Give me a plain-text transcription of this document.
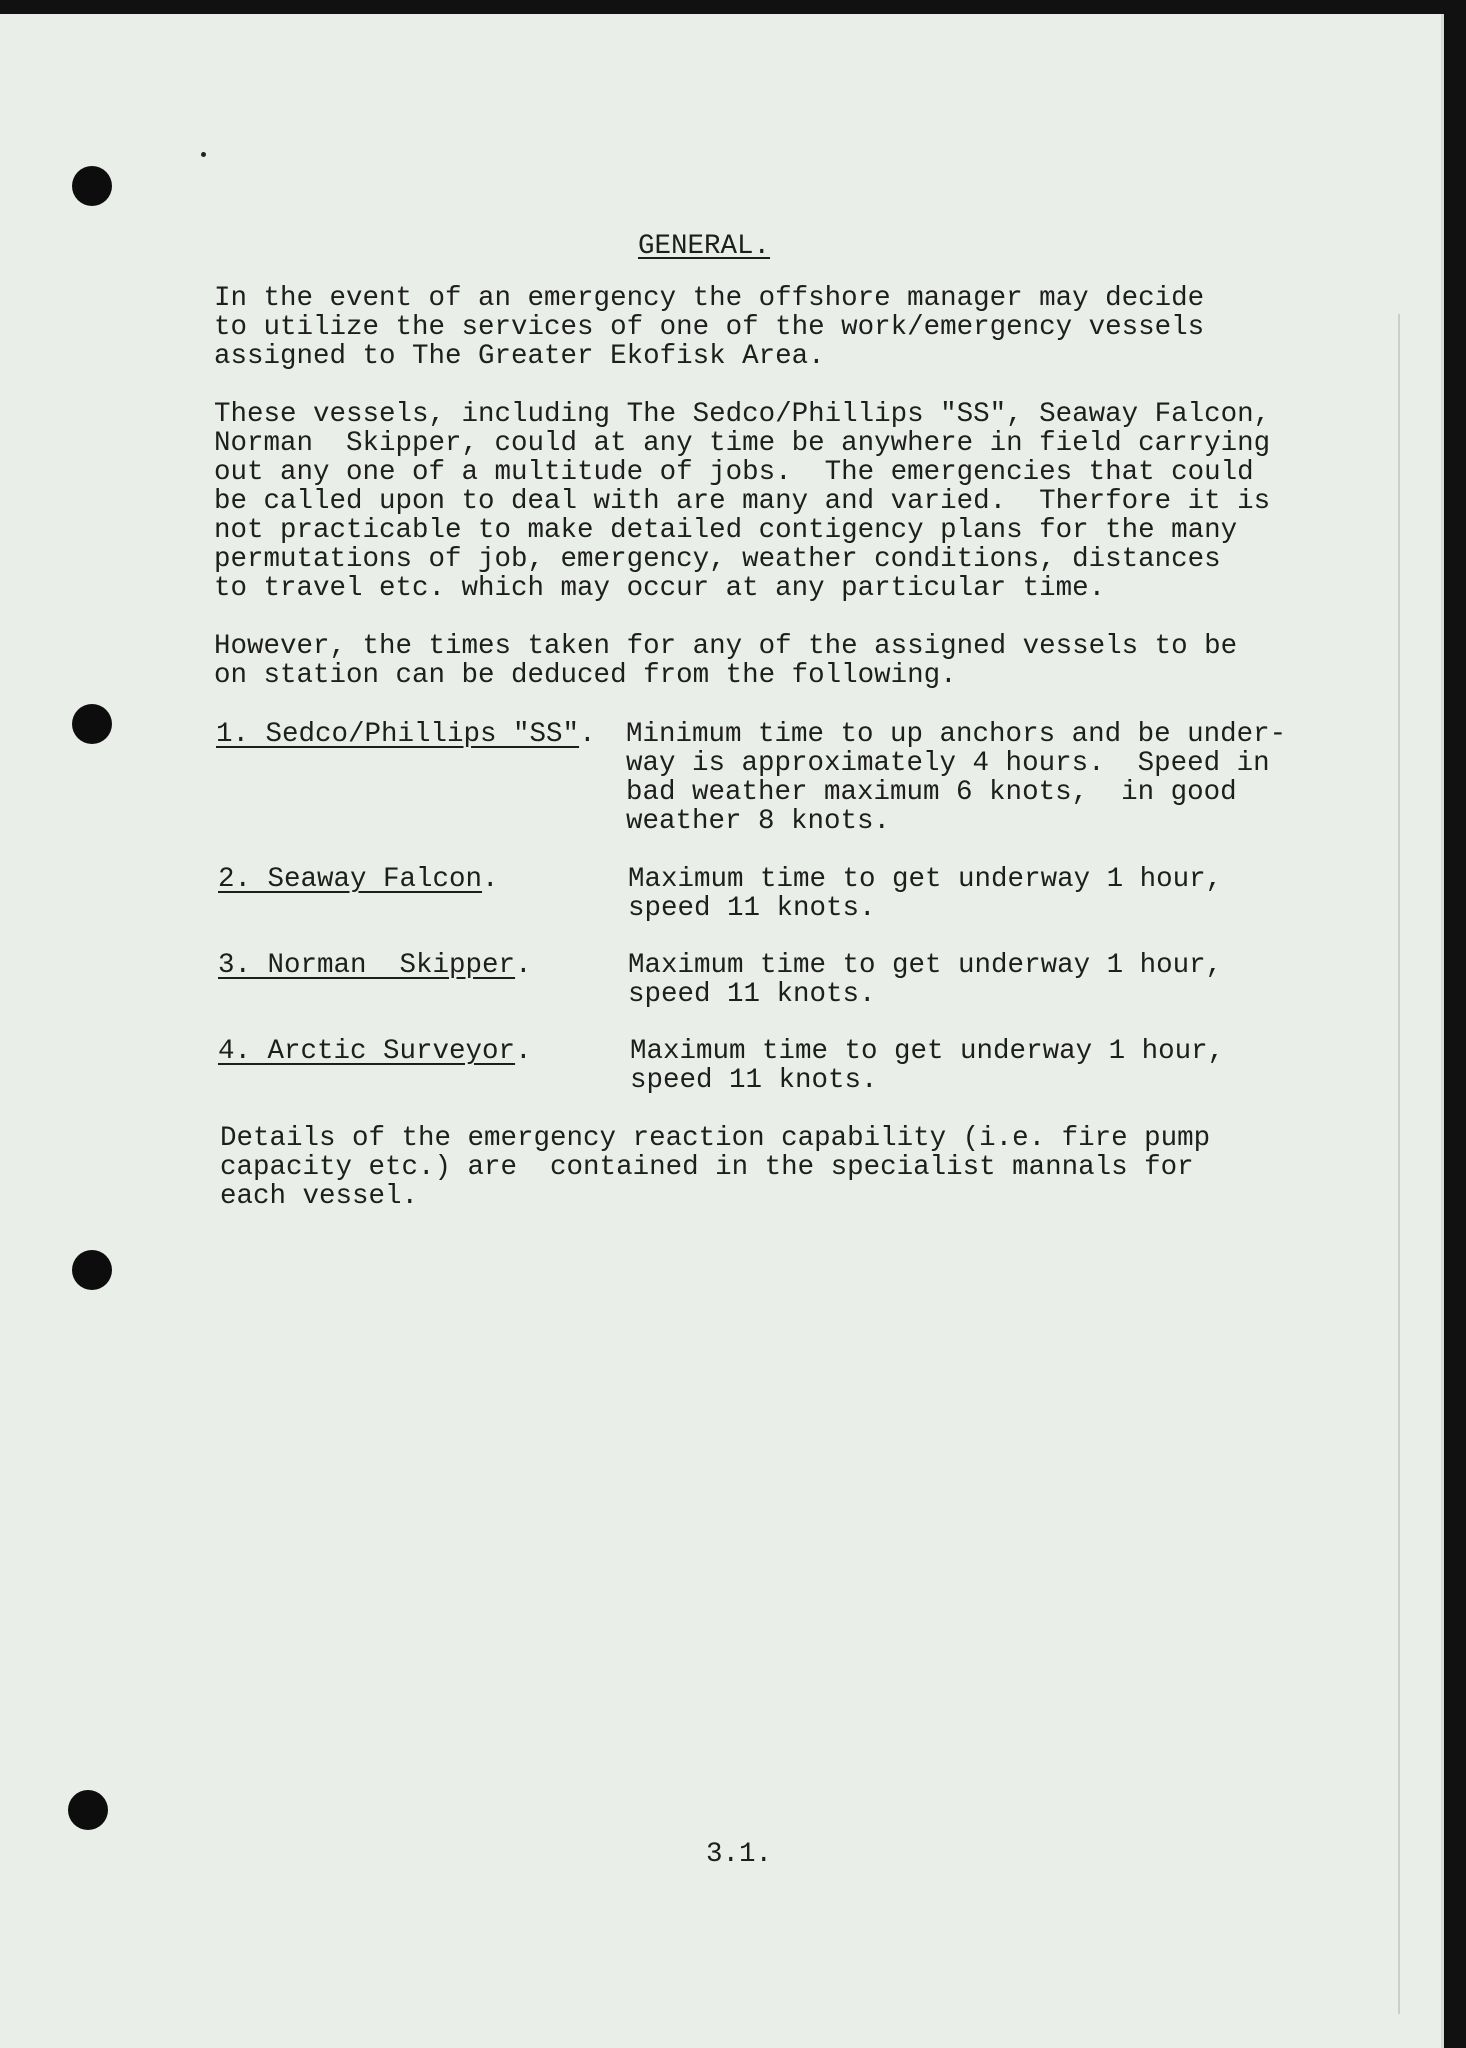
GENERAL.

In the event of an emergency the offshore manager may decide

to utilize the services of one of the work/emergency vessels

assigned to The Greater Ekofisk Area.

These vessels, including The Sedco/Phillips "SS", Seaway Falcon,

Norman  Skipper, could at any time be anywhere in field carrying

out any one of a multitude of jobs.  The emergencies that could

be called upon to deal with are many and varied.  Therfore it is

not practicable to make detailed contigency plans for the many

permutations of job, emergency, weather conditions, distances

to travel etc. which may occur at any particular time.

However, the times taken for any of the assigned vessels to be

on station can be deduced from the following.

1. Sedco/Phillips "SS". Minimum time to up anchors and be under-

way is approximately 4 hours.  Speed in

bad weather maximum 6 knots,  in good

weather 8 knots.

2. Seaway Falcon.	Maximum time to get underway 1 hour,

speed 11 knots.

3. Norman  Skipper.	Maximum time to get underway 1 hour,

speed 11 knots.

4. Arctic Surveyor.	Maximum time to get underway 1 hour,

speed 11 knots.

Details of the emergency reaction capability (i.e. fire pump

capacity etc.) are  contained in the specialist mannals for

each vessel.

3.1.
